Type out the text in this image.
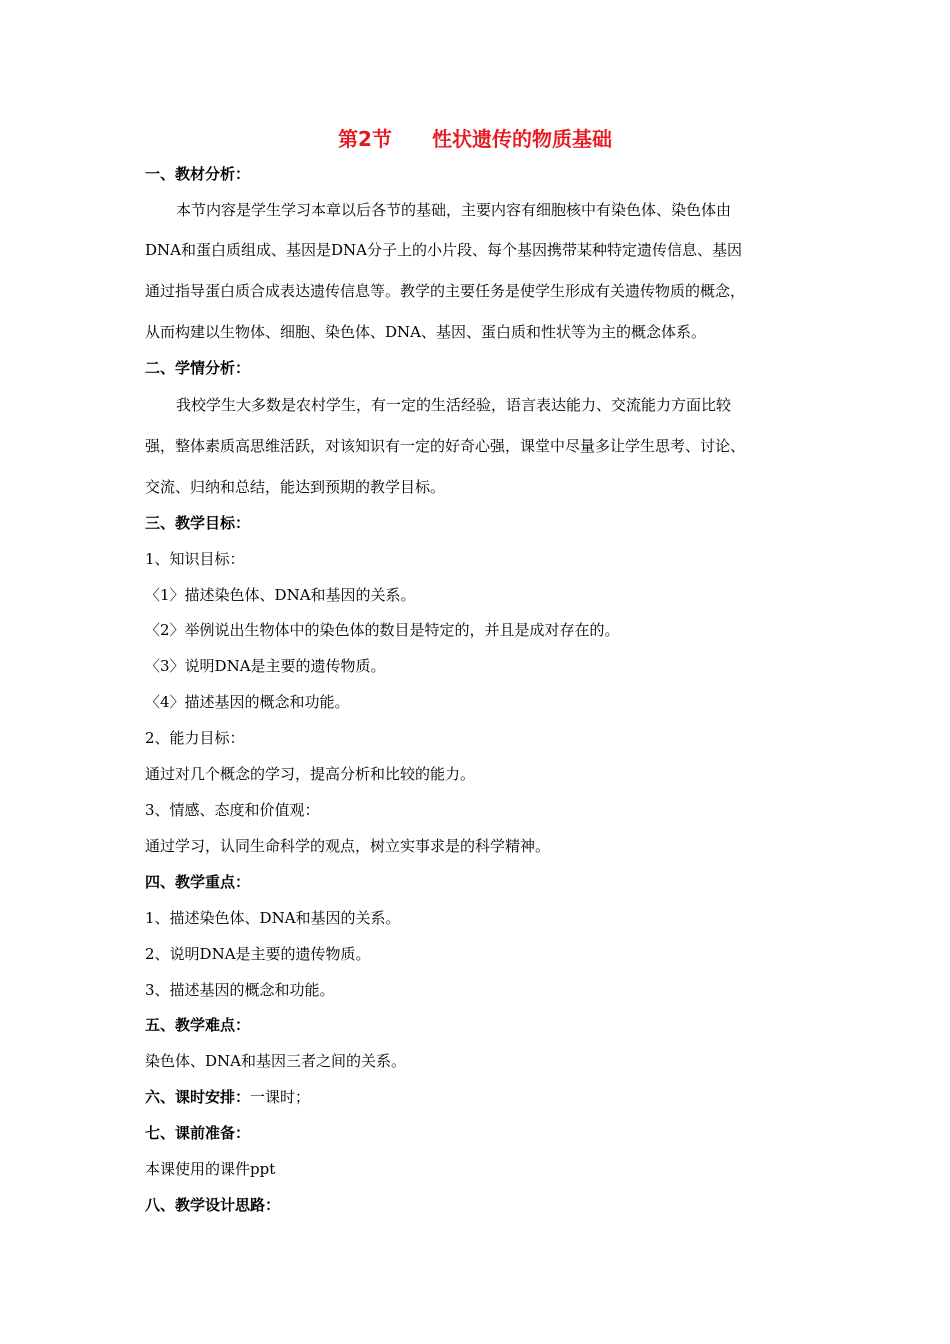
第2节　　性状遗传的物质基础
一、教材分析：
本节内容是学生学习本章以后各节的基础，主要内容有细胞核中有染色体、染色体由
DNA和蛋白质组成、基因是DNA分子上的小片段、每个基因携带某种特定遗传信息、基因
通过指导蛋白质合成表达遗传信息等。教学的主要任务是使学生形成有关遗传物质的概念，
从而构建以生物体、细胞、染色体、DNA、基因、蛋白质和性状等为主的概念体系。
二、学情分析：
我校学生大多数是农村学生，有一定的生活经验，语言表达能力、交流能力方面比较
强，整体素质高思维活跃，对该知识有一定的好奇心强，课堂中尽量多让学生思考、讨论、
交流、归纳和总结，能达到预期的教学目标。
三、教学目标：
1、知识目标：
〈1〉描述染色体、DNA和基因的关系。
〈2〉举例说出生物体中的染色体的数目是特定的，并且是成对存在的。
〈3〉说明DNA是主要的遗传物质。
〈4〉描述基因的概念和功能。
2、能力目标：
通过对几个概念的学习，提高分析和比较的能力。
3、情感、态度和价值观：
通过学习，认同生命科学的观点，树立实事求是的科学精神。
四、教学重点：
1、描述染色体、DNA和基因的关系。
2、说明DNA是主要的遗传物质。
3、描述基因的概念和功能。
五、教学难点：
染色体、DNA和基因三者之间的关系。
六、课时安排：一课时；
七、课前准备：
本课使用的课件ppt
八、教学设计思路：
